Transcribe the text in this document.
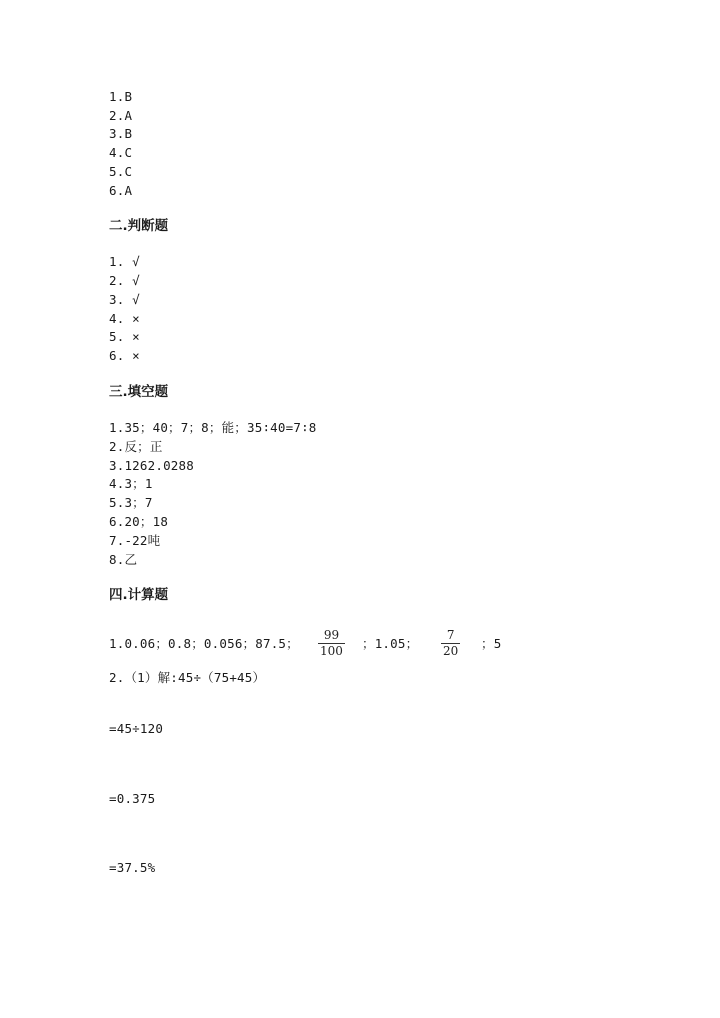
1.B
2.A
3.B
4.C
5.C
6.A
二.判断题
1. √
2. √
3. √
4. ×
5. ×
6. ×
三.填空题
1.35；40；7；8；能；35∶40=7∶8
2.反；正
3.1262.0288
4.3；1
5.3；7
6.20；18
7.-22吨
8.乙
四.计算题
1.0.06；0.8；0.056；87.5；
99
100 ；1.05；
7
20 ；5
2.（1）解:45÷（75+45）
=45÷120
=0.375
=37.5%
